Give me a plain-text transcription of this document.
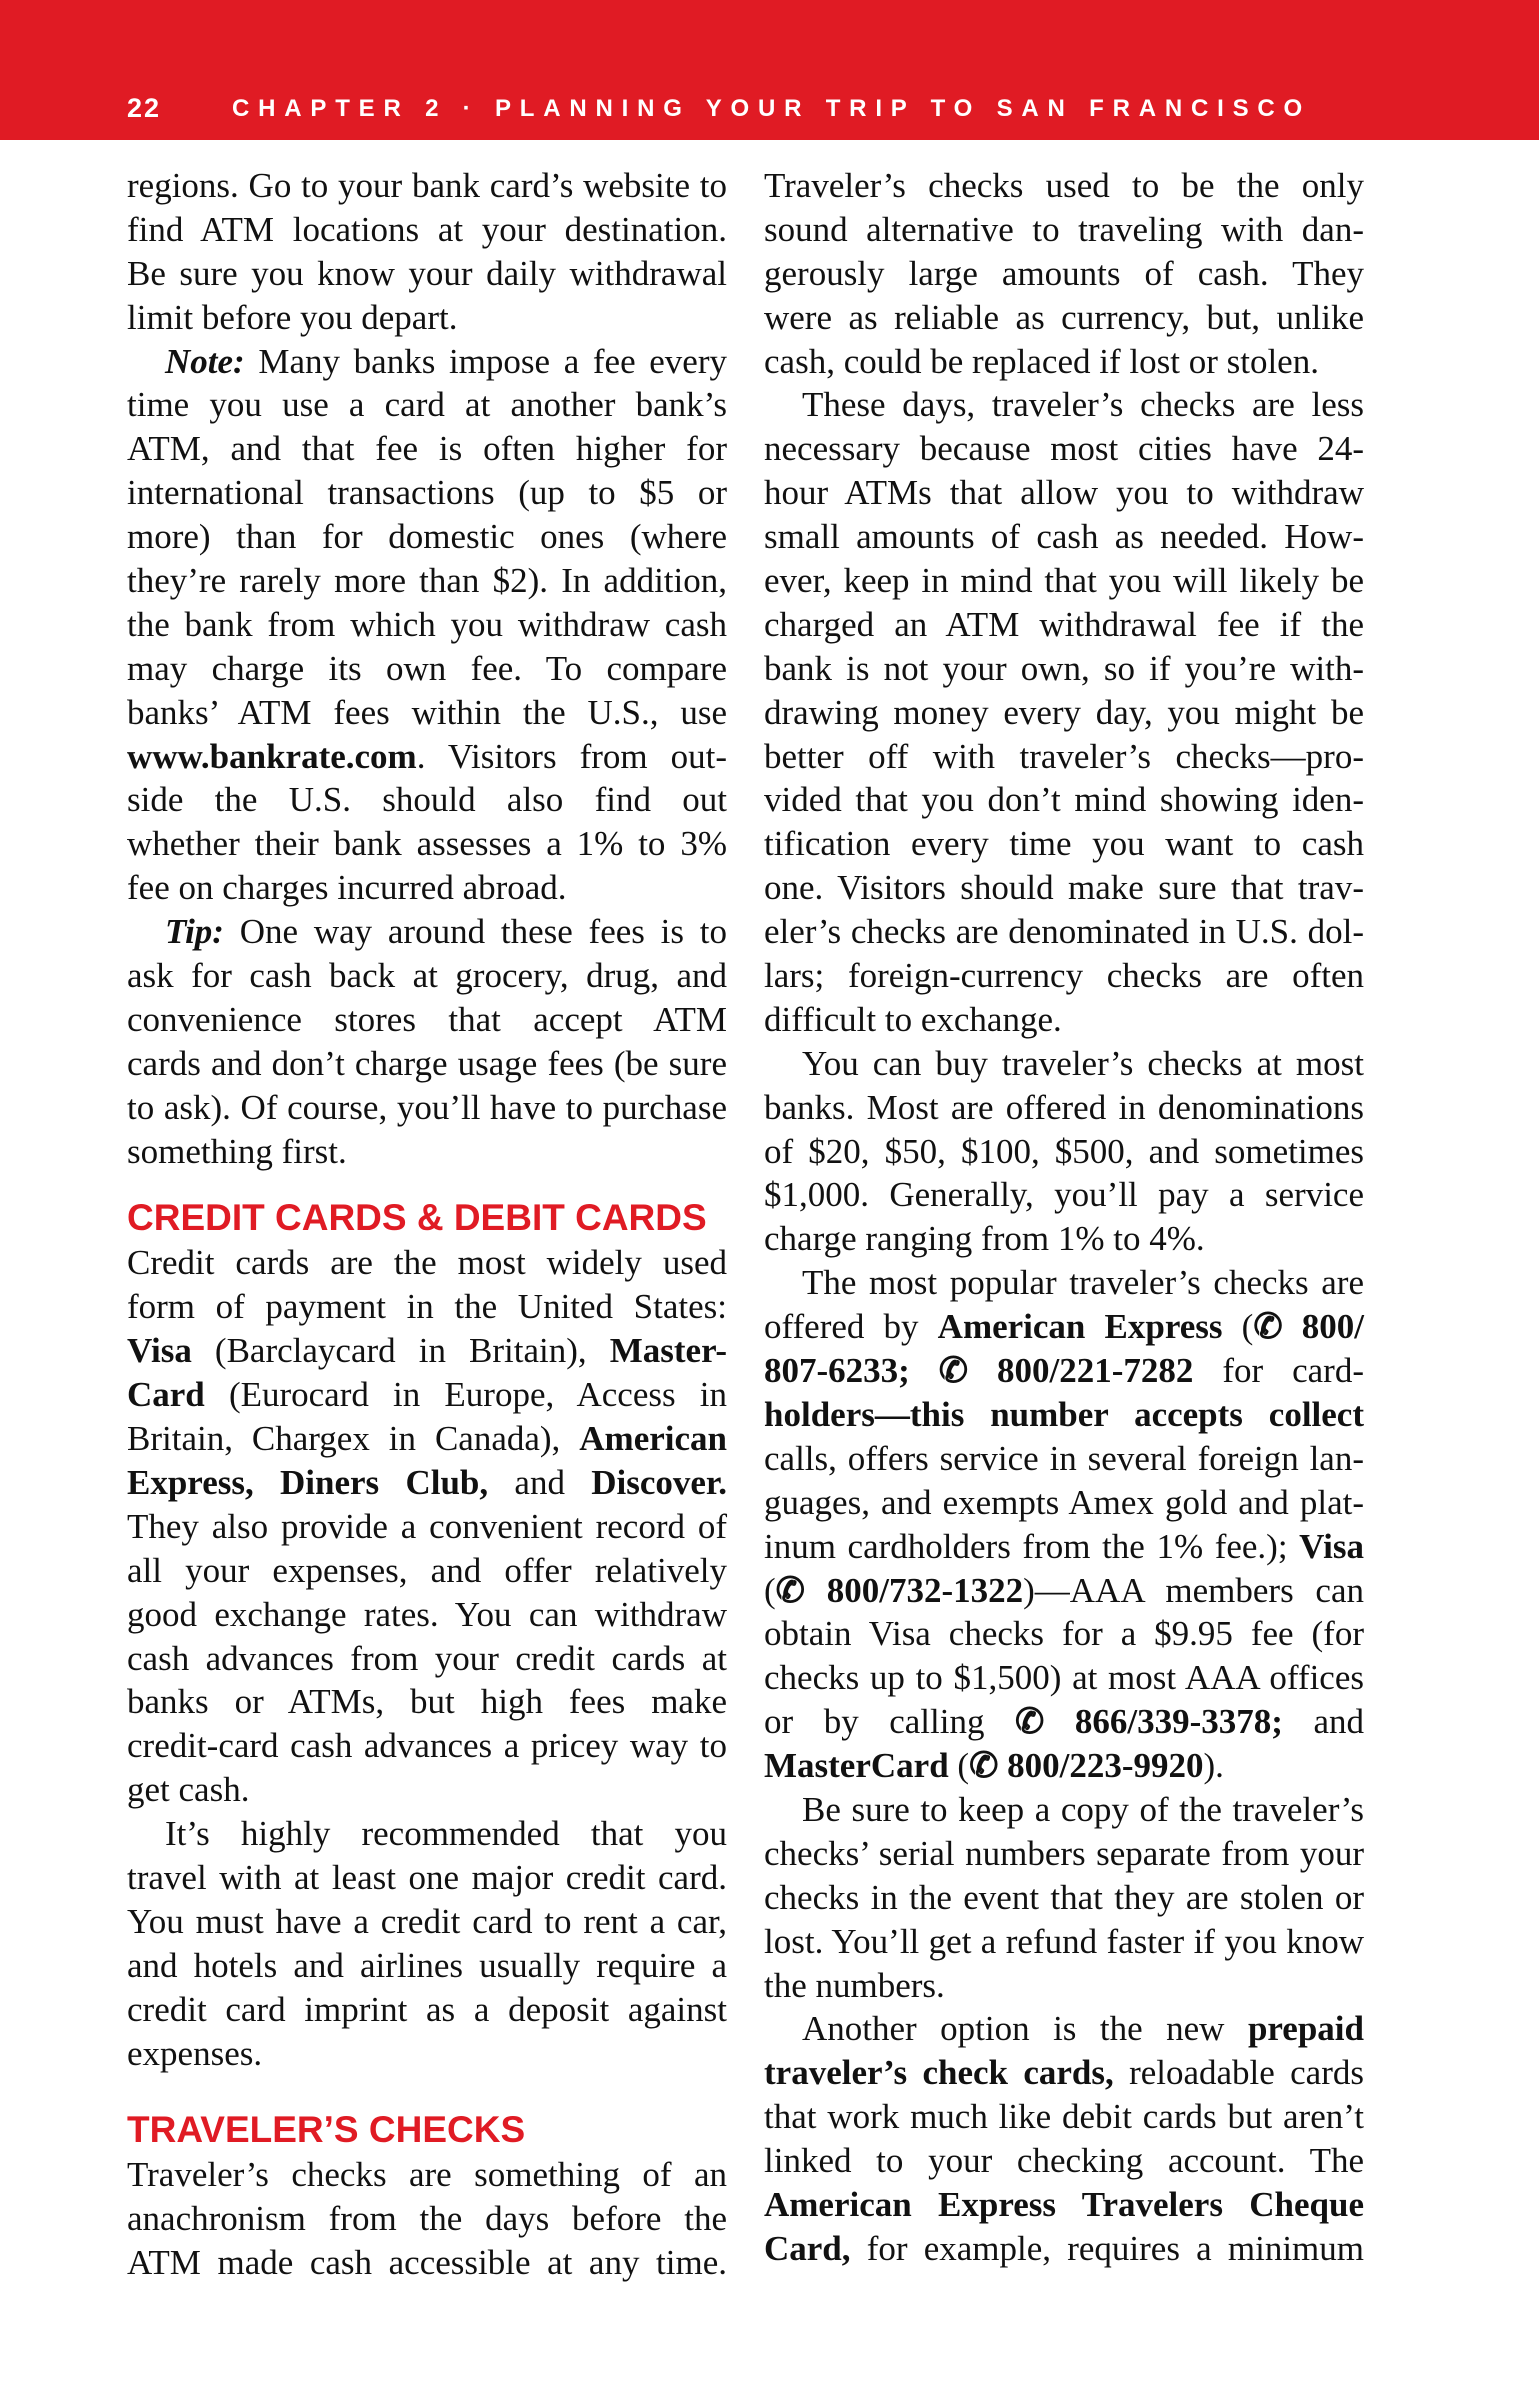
22	CHAPTER 2 · PLANNING YOUR TRIP TO SAN FRANCISCO
regions. Go to your bank card’s website to
find ATM locations at your destination.
Be sure you know your daily withdrawal
limit before you depart.
Note: Many banks impose a fee every
time you use a card at another bank’s
ATM, and that fee is often higher for
international transactions (up to $5 or
more) than for domestic ones (where
they’re rarely more than $2). In addition,
the bank from which you withdraw cash
may charge its own fee. To compare
banks’ ATM fees within the U.S., use
www.bankrate.com. Visitors from out-
side the U.S. should also find out
whether their bank assesses a 1% to 3%
fee on charges incurred abroad.
Tip: One way around these fees is to
ask for cash back at grocery, drug, and
convenience stores that accept ATM
cards and don’t charge usage fees (be sure
to ask). Of course, you’ll have to purchase
something first.
CREDIT CARDS & DEBIT CARDS
Credit cards are the most widely used
form of payment in the United States:
Visa (Barclaycard in Britain), Master-
Card (Eurocard in Europe, Access in
Britain, Chargex in Canada), American
Express, Diners Club, and Discover.
They also provide a convenient record of
all your expenses, and offer relatively
good exchange rates. You can withdraw
cash advances from your credit cards at
banks or ATMs, but high fees make
credit-card cash advances a pricey way to
get cash.
It’s highly recommended that you
travel with at least one major credit card.
You must have a credit card to rent a car,
and hotels and airlines usually require a
credit card imprint as a deposit against
expenses.
TRAVELER’S CHECKS
Traveler’s checks are something of an
anachronism from the days before the
ATM made cash accessible at any time.
Traveler’s checks used to be the only
sound alternative to traveling with dan-
gerously large amounts of cash. They
were as reliable as currency, but, unlike
cash, could be replaced if lost or stolen.
These days, traveler’s checks are less
necessary because most cities have 24-
hour ATMs that allow you to withdraw
small amounts of cash as needed. How-
ever, keep in mind that you will likely be
charged an ATM withdrawal fee if the
bank is not your own, so if you’re with-
drawing money every day, you might be
better off with traveler’s checks—pro-
vided that you don’t mind showing iden-
tification every time you want to cash
one. Visitors should make sure that trav-
eler’s checks are denominated in U.S. dol-
lars; foreign-currency checks are often
difficult to exchange.
You can buy traveler’s checks at most
banks. Most are offered in denominations
of $20, $50, $100, $500, and sometimes
$1,000. Generally, you’ll pay a service
charge ranging from 1% to 4%.
The most popular traveler’s checks are
offered by American Express (✆ 800/
807-6233; ✆ 800/221-7282 for card-
holders—this number accepts collect
calls, offers service in several foreign lan-
guages, and exempts Amex gold and plat-
inum cardholders from the 1% fee.); Visa
(✆ 800/732-1322)—AAA members can
obtain Visa checks for a $9.95 fee (for
checks up to $1,500) at most AAA offices
or by calling ✆ 866/339-3378; and
MasterCard (✆ 800/223-9920).
Be sure to keep a copy of the traveler’s
checks’ serial numbers separate from your
checks in the event that they are stolen or
lost. You’ll get a refund faster if you know
the numbers.
Another option is the new prepaid
traveler’s check cards, reloadable cards
that work much like debit cards but aren’t
linked to your checking account. The
American Express Travelers Cheque
Card, for example, requires a minimum
